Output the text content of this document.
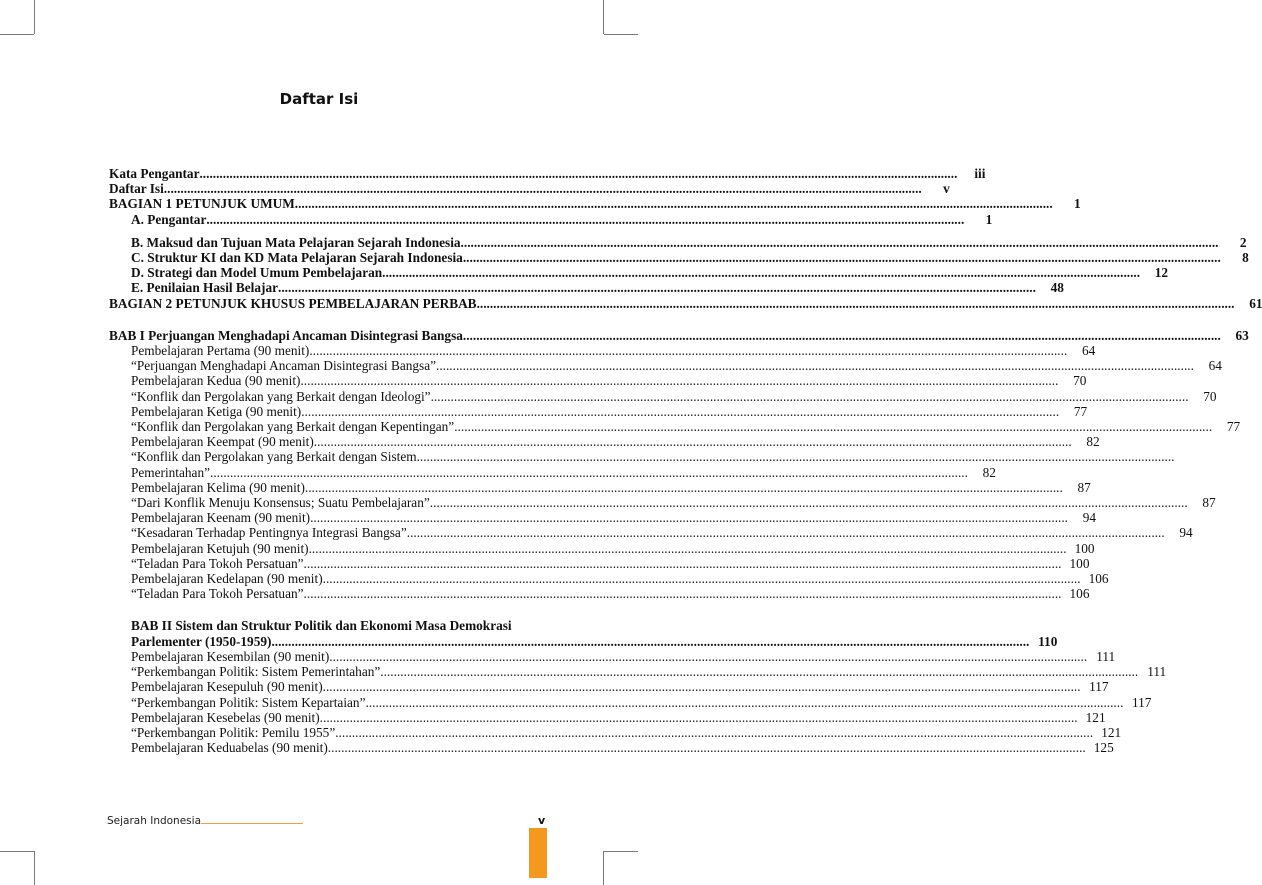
Daftar Isi
Kata Pengantar .....	iii
Daftar Isi .....	v
BAGIAN 1 PETUNJUK UMUM .....	1
A. Pengantar .....	1
B. Maksud dan Tujuan Mata Pelajaran Sejarah Indonesia .....	2
C. Struktur KI dan KD Mata Pelajaran Sejarah Indonesia .....	8
D. Strategi dan Model Umum Pembelajaran .....	12
E. Penilaian Hasil Belajar .....	48
BAGIAN 2 PETUNJUK KHUSUS PEMBELAJARAN PERBAB .....	61
BAB I Perjuangan Menghadapi Ancaman Disintegrasi Bangsa .....	63
Pembelajaran Pertama (90 menit) .....	64
“Perjuangan Menghadapi Ancaman Disintegrasi Bangsa” .....	64
Pembelajaran Kedua (90 menit) .....	70
“Konflik dan Pergolakan yang Berkait dengan Ideologi” .....	70
Pembelajaran Ketiga (90 menit) .....	77
“Konflik dan Pergolakan yang Berkait dengan Kepentingan” .....	77
Pembelajaran Keempat (90 menit) .....	82
“Konflik dan Pergolakan yang Berkait dengan Sistem
.....
Pemerintahan” .....	82
Pembelajaran Kelima (90 menit) .....	87
“Dari Konflik Menuju Konsensus; Suatu Pembelajaran” .....	87
Pembelajaran Keenam (90 menit) .....	94
“Kesadaran Terhadap Pentingnya Integrasi Bangsa” .....	94
Pembelajaran Ketujuh (90 menit) .....	100
“Teladan Para Tokoh Persatuan” .....	100
Pembelajaran Kedelapan (90 menit) .....	106
“Teladan Para Tokoh Persatuan” .....	106
BAB II Sistem dan Struktur Politik dan Ekonomi Masa Demokrasi
Parlementer (1950-1959) .....	110
Pembelajaran Kesembilan (90 menit) .....	111
“Perkembangan Politik: Sistem Pemerintahan” .....	111
Pembelajaran Kesepuluh (90 menit) .....	117
“Perkembangan Politik: Sistem Kepartaian” .....	117
Pembelajaran Kesebelas (90 menit) .....	121
“Perkembangan Politik: Pemilu 1955” .....	121
Pembelajaran Keduabelas (90 menit) .....	125
Sejarah Indonesia	v
